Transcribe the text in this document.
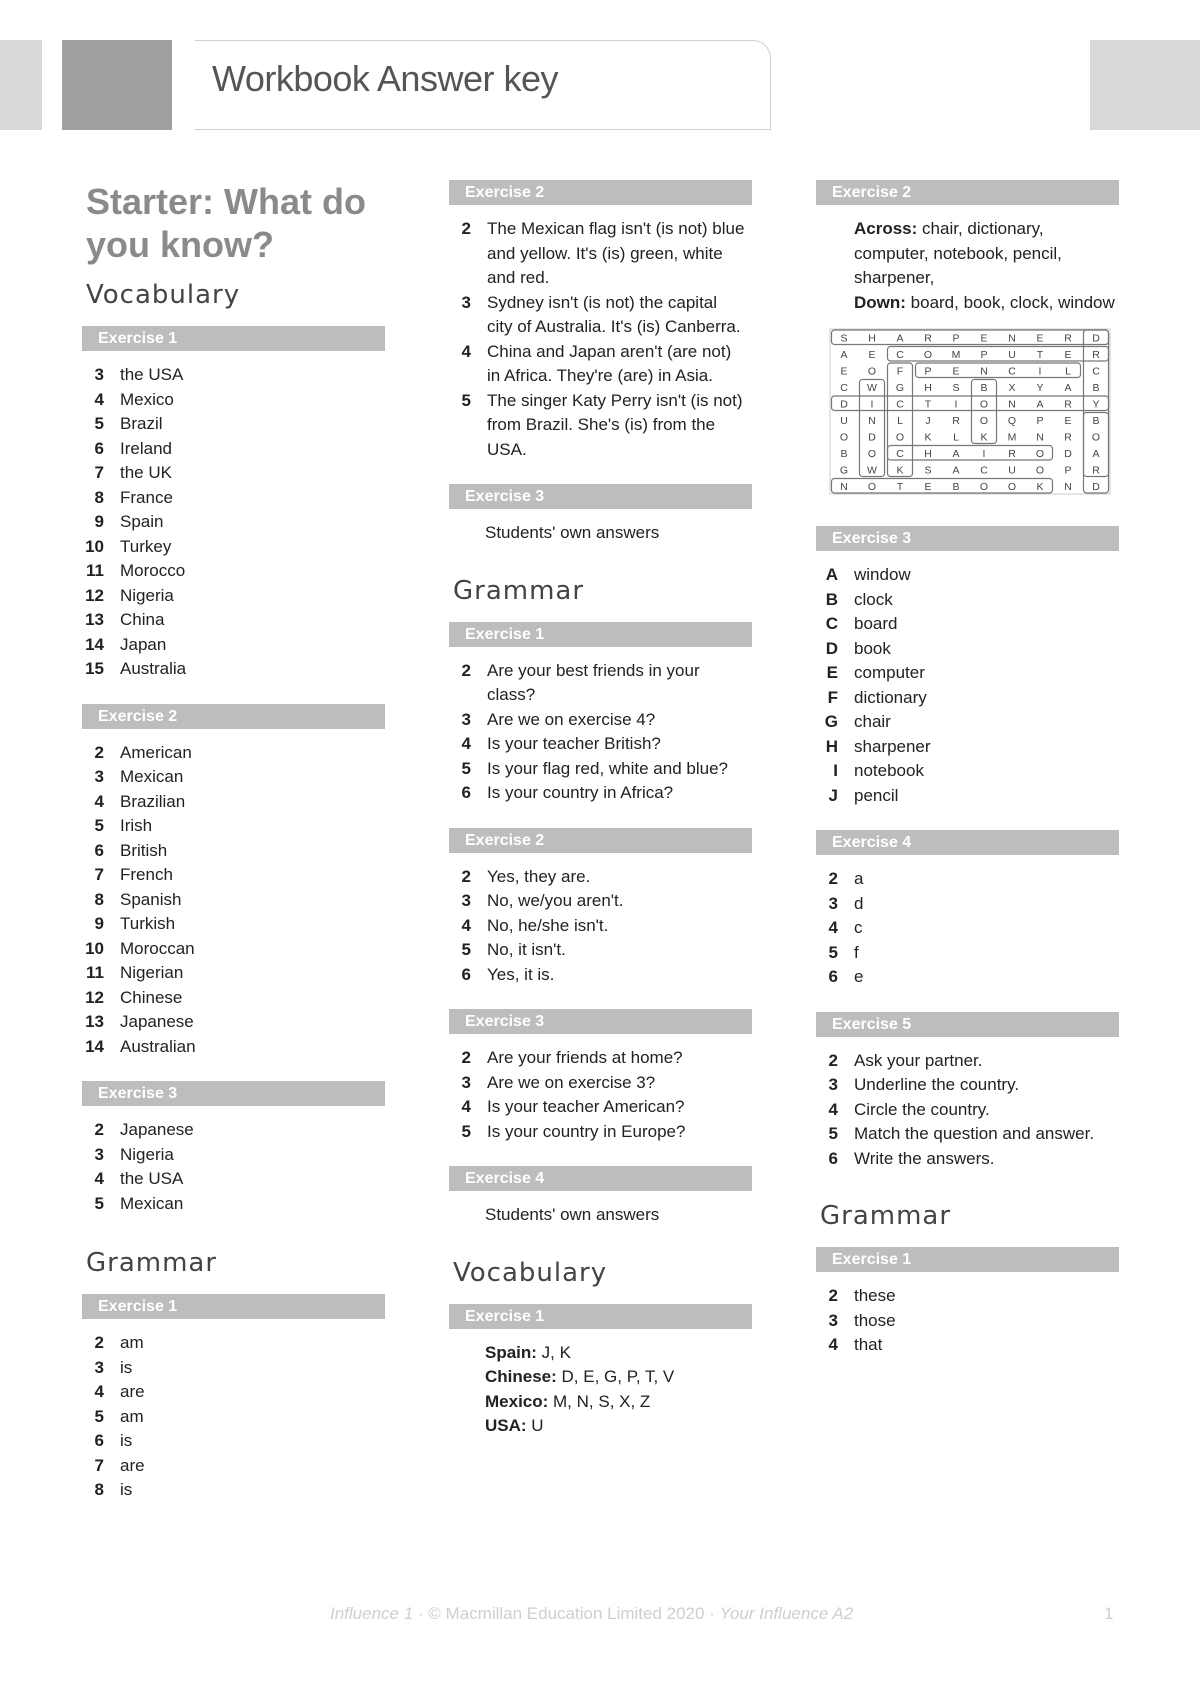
Workbook Answer key
Starter: What do you know?
Vocabulary
Exercise 1
3 the USA
4 Mexico
5 Brazil
6 Ireland
7 the UK
8 France
9 Spain
10 Turkey
11 Morocco
12 Nigeria
13 China
14 Japan
15 Australia
Exercise 2
2 American
3 Mexican
4 Brazilian
5 Irish
6 British
7 French
8 Spanish
9 Turkish
10 Moroccan
11 Nigerian
12 Chinese
13 Japanese
14 Australian
Exercise 3
2 Japanese
3 Nigeria
4 the USA
5 Mexican
Grammar
Exercise 1
2 am
3 is
4 are
5 am
6 is
7 are
8 is
Exercise 2
2 The Mexican flag isn't (is not) blue and yellow. It's (is) green, white and red.
3 Sydney isn't (is not) the capital city of Australia. It's (is) Canberra.
4 China and Japan aren't (are not) in Africa. They're (are) in Asia.
5 The singer Katy Perry isn't (is not) from Brazil. She's (is) from the USA.
Exercise 3
Students' own answers
Grammar
Exercise 1
2 Are your best friends in your class?
3 Are we on exercise 4?
4 Is your teacher British?
5 Is your flag red, white and blue?
6 Is your country in Africa?
Exercise 2
2 Yes, they are.
3 No, we/you aren't.
4 No, he/she isn't.
5 No, it isn't.
6 Yes, it is.
Exercise 3
2 Are your friends at home?
3 Are we on exercise 3?
4 Is your teacher American?
5 Is your country in Europe?
Exercise 4
Students' own answers
Vocabulary
Exercise 1
Spain: J, K
Chinese: D, E, G, P, T, V
Mexico: M, N, S, X, Z
USA: U
Exercise 2
Across: chair, dictionary, computer, notebook, pencil, sharpener,
Down: board, book, clock, window
S H A R P E N E R D
A E C O M P U T E R
E O F P E N C I L C
C W G H S B X Y A B
D I C T I O N A R Y
U N L J R O Q P E B
O D O K L K M N R O
B O C H A I R O D A
G W K S A C U O P R
N O T E B O O K N D
Exercise 3
A window
B clock
C board
D book
E computer
F dictionary
G chair
H sharpener
I notebook
J pencil
Exercise 4
2 a
3 d
4 c
5 f
6 e
Exercise 5
2 Ask your partner.
3 Underline the country.
4 Circle the country.
5 Match the question and answer.
6 Write the answers.
Grammar
Exercise 1
2 these
3 those
4 that
Influence 1 · © Macmillan Education Limited 2020 · Your Influence A2	1
